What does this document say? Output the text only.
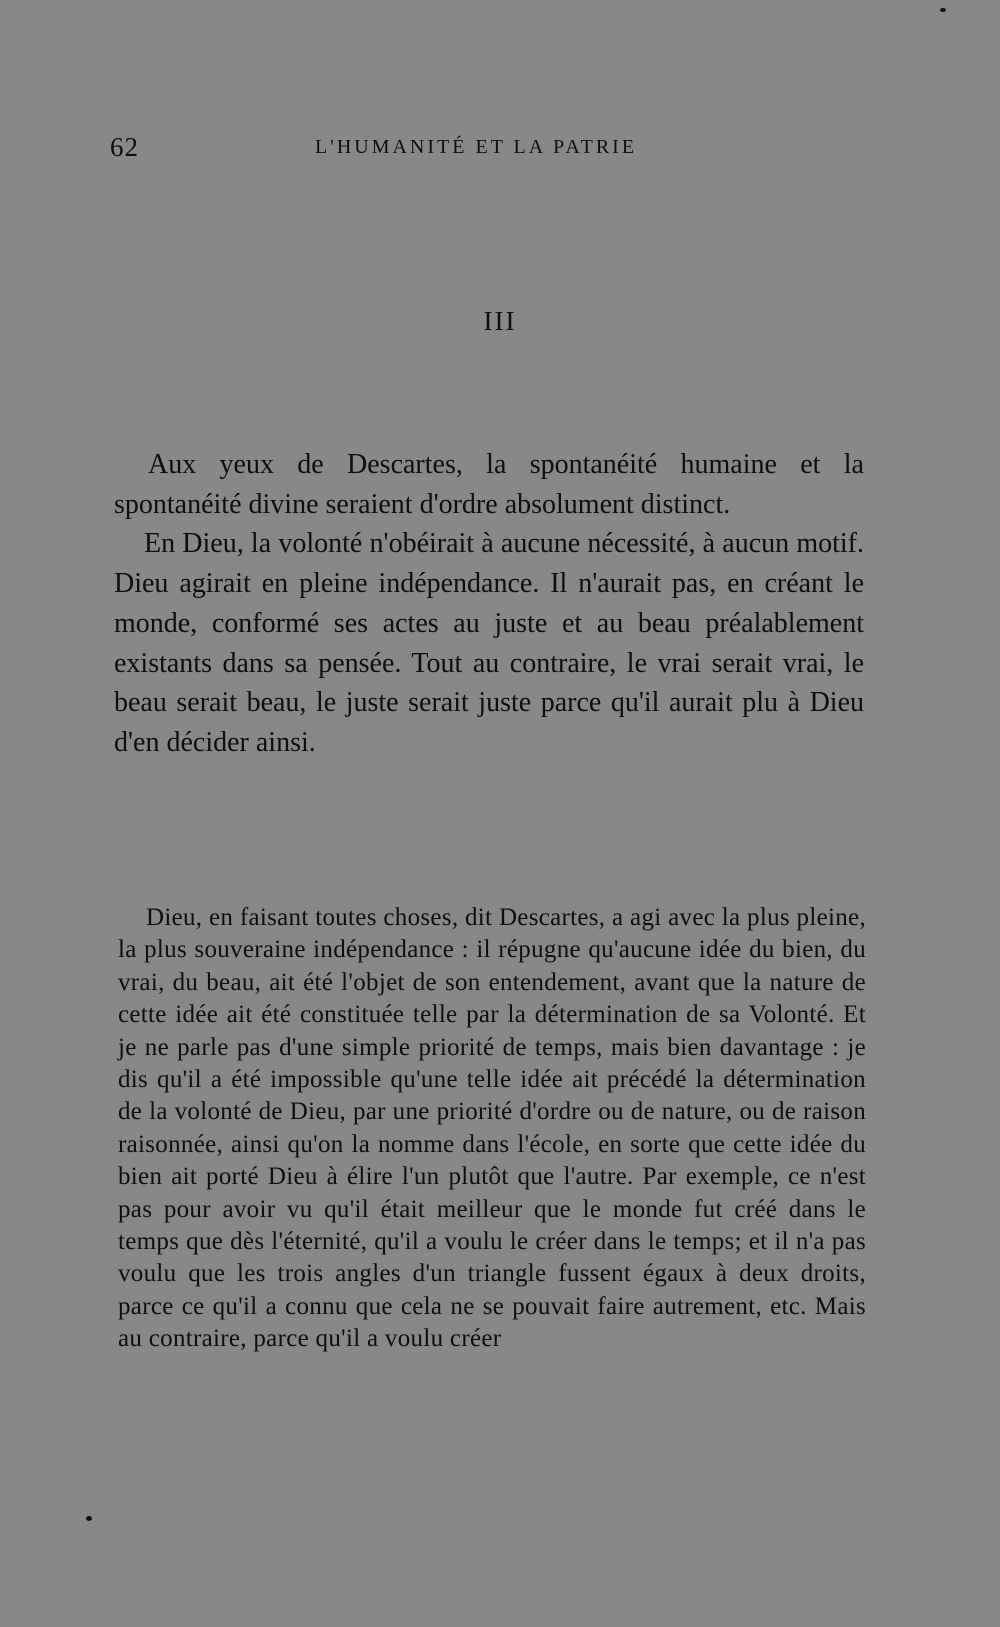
62	L'HUMANITÉ ET LA PATRIE
III

Aux yeux de Descartes, la spontanéité humaine et la spontanéité divine seraient d'ordre absolument distinct.

En Dieu, la volonté n'obéirait à aucune nécessité, à aucun motif. Dieu agirait en pleine indépendance. Il n'aurait pas, en créant le monde, conformé ses actes au juste et au beau préalablement existants dans sa pensée. Tout au contraire, le vrai serait vrai, le beau serait beau, le juste serait juste parce qu'il aurait plu à Dieu d'en décider ainsi.

Dieu, en faisant toutes choses, dit Descartes, a agi avec la plus pleine, la plus souveraine indépendance : il répugne qu'aucune idée du bien, du vrai, du beau, ait été l'objet de son entendement, avant que la nature de cette idée ait été constituée telle par la détermination de sa Volonté. Et je ne parle pas d'une simple priorité de temps, mais bien davantage : je dis qu'il a été impossible qu'une telle idée ait précédé la détermination de la volonté de Dieu, par une priorité d'ordre ou de nature, ou de raison raisonnée, ainsi qu'on la nomme dans l'école, en sorte que cette idée du bien ait porté Dieu à élire l'un plutôt que l'autre. Par exemple, ce n'est pas pour avoir vu qu'il était meilleur que le monde fut créé dans le temps que dès l'éternité, qu'il a voulu le créer dans le temps; et il n'a pas voulu que les trois angles d'un triangle fussent égaux à deux droits, parce ce qu'il a connu que cela ne se pouvait faire autrement, etc. Mais au contraire, parce qu'il a voulu créer
